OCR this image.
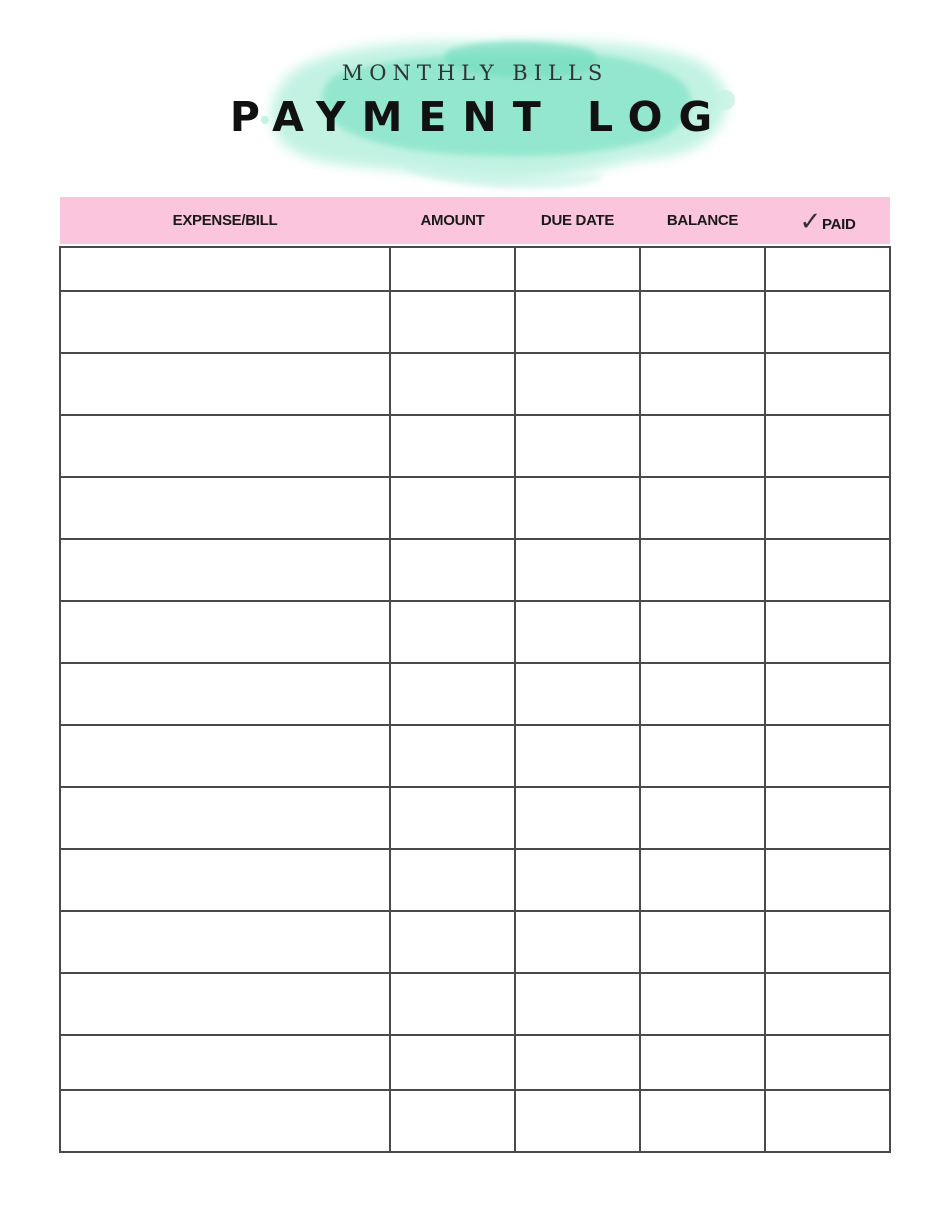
MONTHLY BILLS
PAYMENT LOG
EXPENSE/BILL	AMOUNT	DUE DATE	BALANCE	✓PAID
